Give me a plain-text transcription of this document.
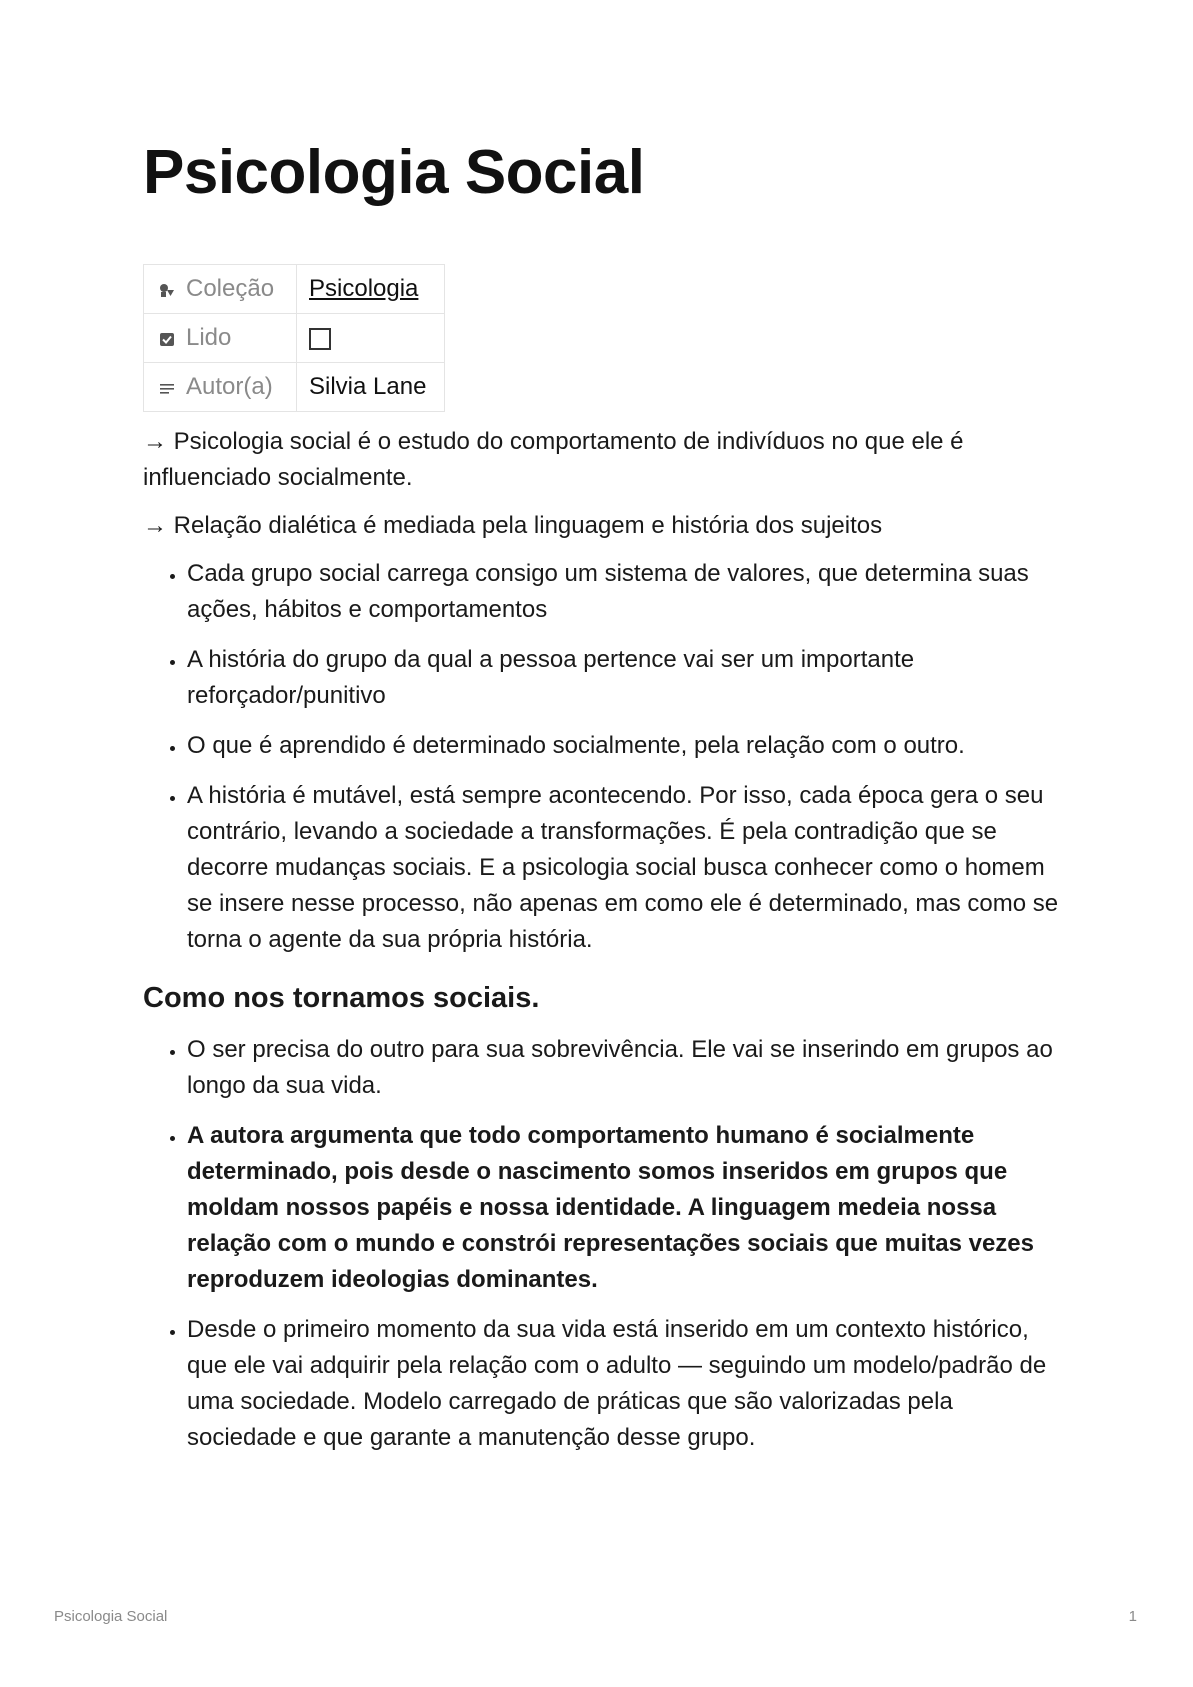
Psicologia Social
Coleção	Psicologia

Lido	

Autor(a)	Silvia Lane

→ Psicologia social é o estudo do comportamento de indivíduos no que ele é influenciado socialmente.

→ Relação dialética é mediada pela linguagem e história dos sujeitos

• Cada grupo social carrega consigo um sistema de valores, que determina suas ações, hábitos e comportamentos
• A história do grupo da qual a pessoa pertence vai ser um importante reforçador/punitivo
• O que é aprendido é determinado socialmente, pela relação com o outro.
• A história é mutável, está sempre acontecendo. Por isso, cada época gera o seu contrário, levando a sociedade a transformações. É pela contradição que se decorre mudanças sociais. E a psicologia social busca conhecer como o homem se insere nesse processo, não apenas em como ele é determinado, mas como se torna o agente da sua própria história.
Como nos tornamos sociais.
• O ser precisa do outro para sua sobrevivência. Ele vai se inserindo em grupos ao longo da sua vida.
• A autora argumenta que todo comportamento humano é socialmente determinado, pois desde o nascimento somos inseridos em grupos que moldam nossos papéis e nossa identidade. A linguagem medeia nossa relação com o mundo e constrói representações sociais que muitas vezes reproduzem ideologias dominantes.
• Desde o primeiro momento da sua vida está inserido em um contexto histórico, que ele vai adquirir pela relação com o adulto — seguindo um modelo/padrão de uma sociedade. Modelo carregado de práticas que são valorizadas pela sociedade e que garante a manutenção desse grupo.
Psicologia Social	1
